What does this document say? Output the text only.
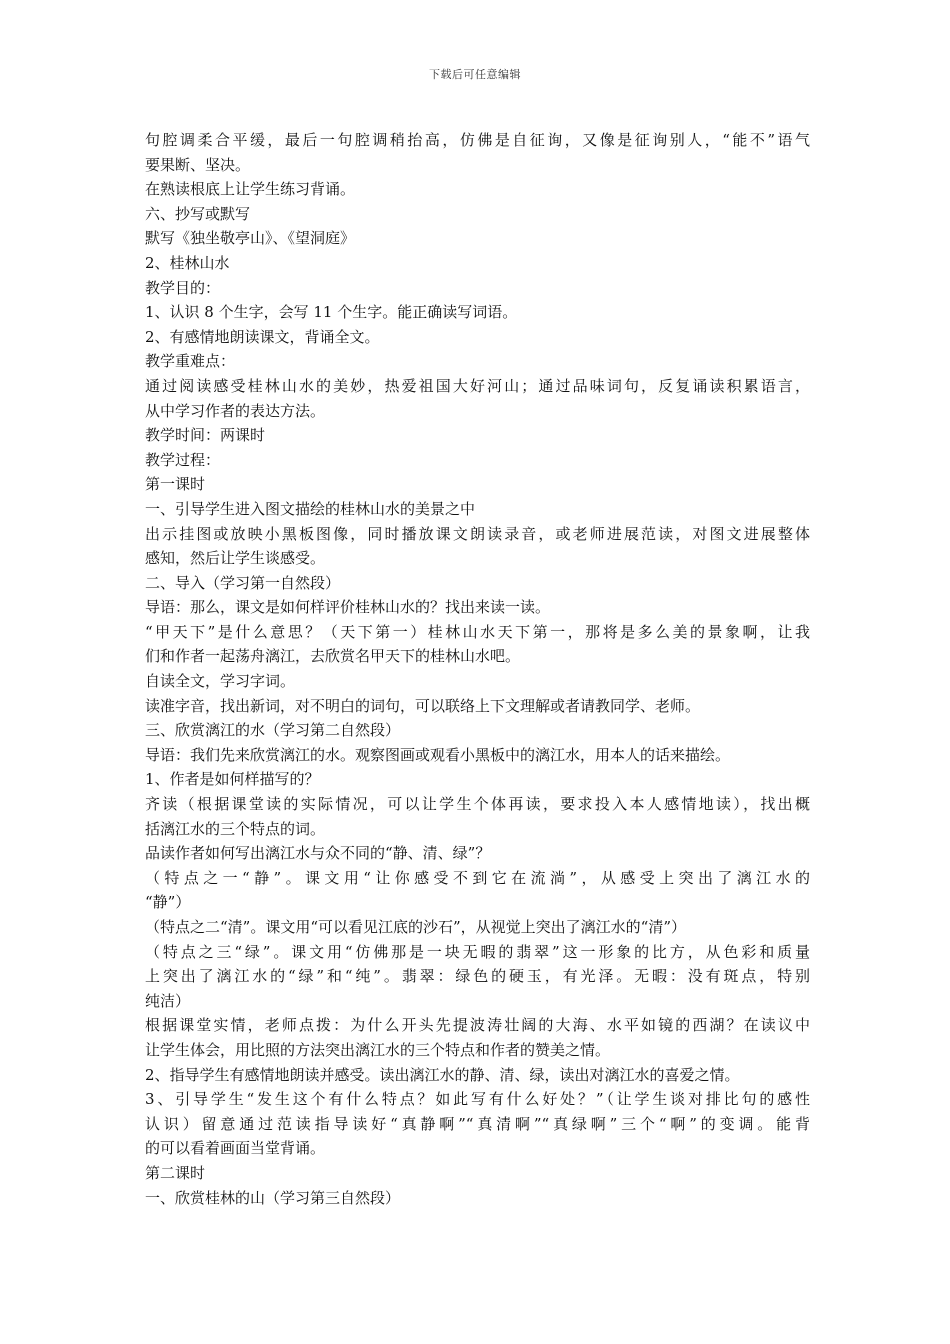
下载后可任意编辑
句腔调柔合平缓，最后一句腔调稍抬高，仿佛是自征询，又像是征询别人，“能不”语气
要果断、坚决。
在熟读根底上让学生练习背诵。
六、抄写或默写
默写《独坐敬亭山》、《望洞庭》
2、桂林山水
教学目的：
1、认识 8 个生字，会写 11 个生字。能正确读写词语。
2、有感情地朗读课文，背诵全文。
教学重难点：
通过阅读感受桂林山水的美妙，热爱祖国大好河山；通过品味词句，反复诵读积累语言，
从中学习作者的表达方法。
教学时间：两课时
教学过程：
第一课时
一、引导学生进入图文描绘的桂林山水的美景之中
出示挂图或放映小黑板图像，同时播放课文朗读录音，或老师进展范读，对图文进展整体
感知，然后让学生谈感受。
二、导入（学习第一自然段）
导语：那么，课文是如何样评价桂林山水的？找出来读一读。
“甲天下”是什么意思？（天下第一）桂林山水天下第一，那将是多么美的景象啊，让我
们和作者一起荡舟漓江，去欣赏名甲天下的桂林山水吧。
自读全文，学习字词。
读准字音，找出新词，对不明白的词句，可以联络上下文理解或者请教同学、老师。
三、欣赏漓江的水（学习第二自然段）
导语：我们先来欣赏漓江的水。观察图画或观看小黑板中的漓江水，用本人的话来描绘。
1、作者是如何样描写的？
齐读（根据课堂读的实际情况，可以让学生个体再读，要求投入本人感情地读），找出概
括漓江水的三个特点的词。
品读作者如何写出漓江水与众不同的“静、清、绿”？
（特点之一“静”。课文用“让你感受不到它在流淌”，从感受上突出了漓江水的
“静”）
（特点之二“清”。课文用“可以看见江底的沙石”，从视觉上突出了漓江水的“清”）
（特点之三“绿”。课文用“仿佛那是一块无暇的翡翠”这一形象的比方，从色彩和质量
上突出了漓江水的“绿”和“纯”。翡翠：绿色的硬玉，有光泽。无暇：没有斑点，特别
纯洁）
根据课堂实情，老师点拨：为什么开头先提波涛壮阔的大海、水平如镜的西湖？在读议中
让学生体会，用比照的方法突出漓江水的三个特点和作者的赞美之情。
2、指导学生有感情地朗读并感受。读出漓江水的静、清、绿，读出对漓江水的喜爱之情。
3、引导学生“发生这个有什么特点？如此写有什么好处？”（让学生谈对排比句的感性
认识）留意通过范读指导读好“真静啊”“真清啊”“真绿啊”三个“啊”的变调。能背
的可以看着画面当堂背诵。
第二课时
一、欣赏桂林的山（学习第三自然段）
